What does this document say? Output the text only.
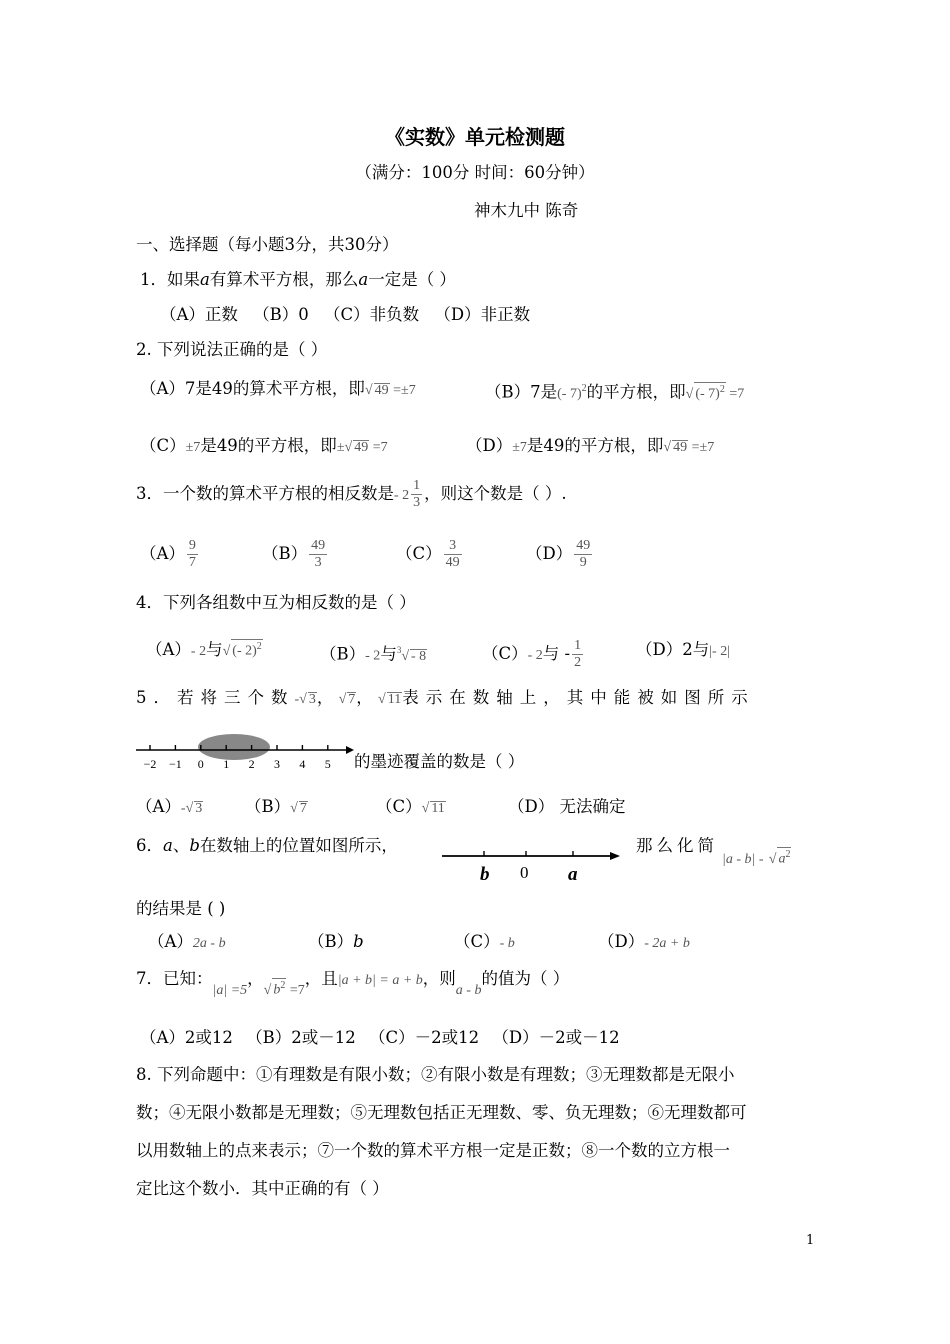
《实数》单元检测题
（满分：100分 时间：60分钟）
神木九中 陈奇
一、选择题（每小题3分，共30分）
1．如果a有算术平方根，那么a一定是（ ）
（A）正数 （B）0 （C）非负数 （D）非正数
2. 下列说法正确的是（ ）
（A）7是49的算术平方根，即√ 49 =±7	（B）7是(- 7)$^2$的平方根，即√ (- 7)$^2$ =7
（C）±7是49的平方根，即±√ 49 =7	（D）±7是49的平方根，即√ 49 =±7
3．一个数的算术平方根的相反数是- $2 \frac{1}{3}$ ，则这个数是（ ）.
$(A) \frac{9}{7}$	$(B) \frac{49}{3}$	$(C) \frac{3}{49}$	$(D) \frac{49}{9}$
4．下列各组数中互为相反数的是（ ）
（A）- 2与√ (- 2)$^2$	（B）- 2与$^3$√ - 8	（C）- 2与 - $\frac{1}{2}$	（D）2与|- 2|
5．若将三个数-√ 3， √ 7， √ 11表示在数轴上，其中能被如图所示
−2 −1 0 1 2 3 4 5 的墨迹覆盖的数是（ ）
（A）-√ 3	（B）√ 7	（C）√ 11	（D） 无法确定
6．a、b在数轴上的位置如图所示，
b 0 a
那么化简
|a - b| - √ $a^2$
的结果是 ( )
（A）2a - b	（B）b	（C）- b	（D）- 2a + b
7．已知：$_{|a| =5}$，$_{√ b^2 =7}$，且|a + b| = a + b，则$_{a - b}$的值为（ ）
（A）2或12 （B）2或－12 （C）－2或12 （D）－2或－12
8. 下列命题中：①有理数是有限小数；②有限小数是有理数；③无理数都是无限小
数；④无限小数都是无理数；⑤无理数包括正无理数、零、负无理数；⑥无理数都可
以用数轴上的点来表示；⑦一个数的算术平方根一定是正数；⑧一个数的立方根一
定比这个数小．其中正确的有（ ）
1
